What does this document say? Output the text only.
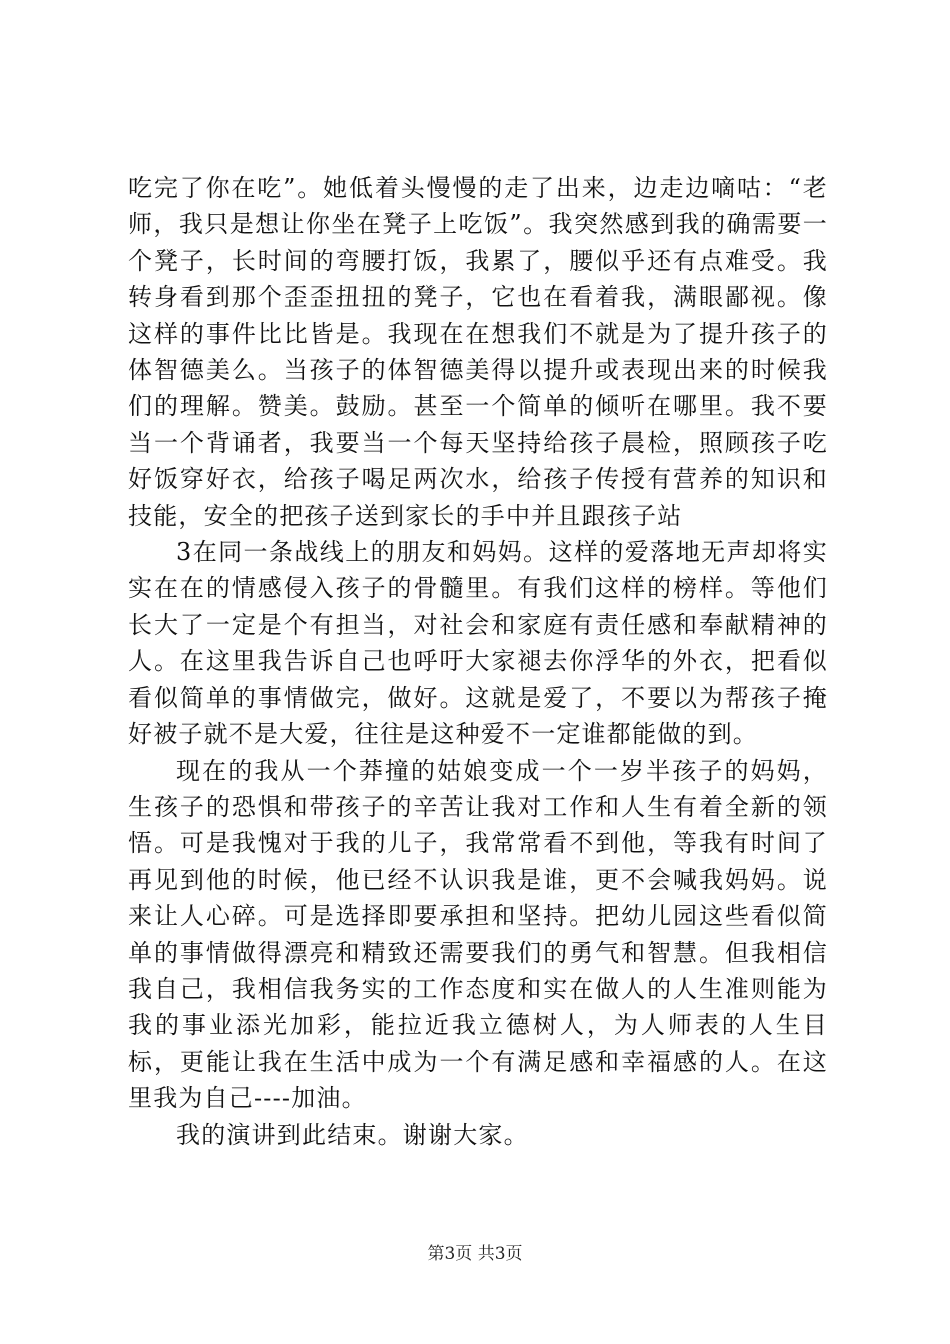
吃完了你在吃”。她低着头慢慢的走了出来，边走边嘀咕：“老师，我只是想让你坐在凳子上吃饭”。我突然感到我的确需要一个凳子，长时间的弯腰打饭，我累了，腰似乎还有点难受。我转身看到那个歪歪扭扭的凳子，它也在看着我，满眼鄙视。像这样的事件比比皆是。我现在在想我们不就是为了提升孩子的体智德美么。当孩子的体智德美得以提升或表现出来的时候我们的理解。赞美。鼓励。甚至一个简单的倾听在哪里。我不要当一个背诵者，我要当一个每天坚持给孩子晨检，照顾孩子吃好饭穿好衣，给孩子喝足两次水，给孩子传授有营养的知识和技能，安全的把孩子送到家长的手中并且跟孩子站

3在同一条战线上的朋友和妈妈。这样的爱落地无声却将实实在在的情感侵入孩子的骨髓里。有我们这样的榜样。等他们长大了一定是个有担当，对社会和家庭有责任感和奉献精神的人。在这里我告诉自己也呼吁大家褪去你浮华的外衣，把看似看似简单的事情做完，做好。这就是爱了，不要以为帮孩子掩好被子就不是大爱，往往是这种爱不一定谁都能做的到。

现在的我从一个莽撞的姑娘变成一个一岁半孩子的妈妈，生孩子的恐惧和带孩子的辛苦让我对工作和人生有着全新的领悟。可是我愧对于我的儿子，我常常看不到他，等我有时间了再见到他的时候，他已经不认识我是谁，更不会喊我妈妈。说来让人心碎。可是选择即要承担和坚持。把幼儿园这些看似简单的事情做得漂亮和精致还需要我们的勇气和智慧。但我相信我自己，我相信我务实的工作态度和实在做人的人生准则能为我的事业添光加彩，能拉近我立德树人，为人师表的人生目标，更能让我在生活中成为一个有满足感和幸福感的人。在这里我为自己----加油。

我的演讲到此结束。谢谢大家。

第3页 共3页
